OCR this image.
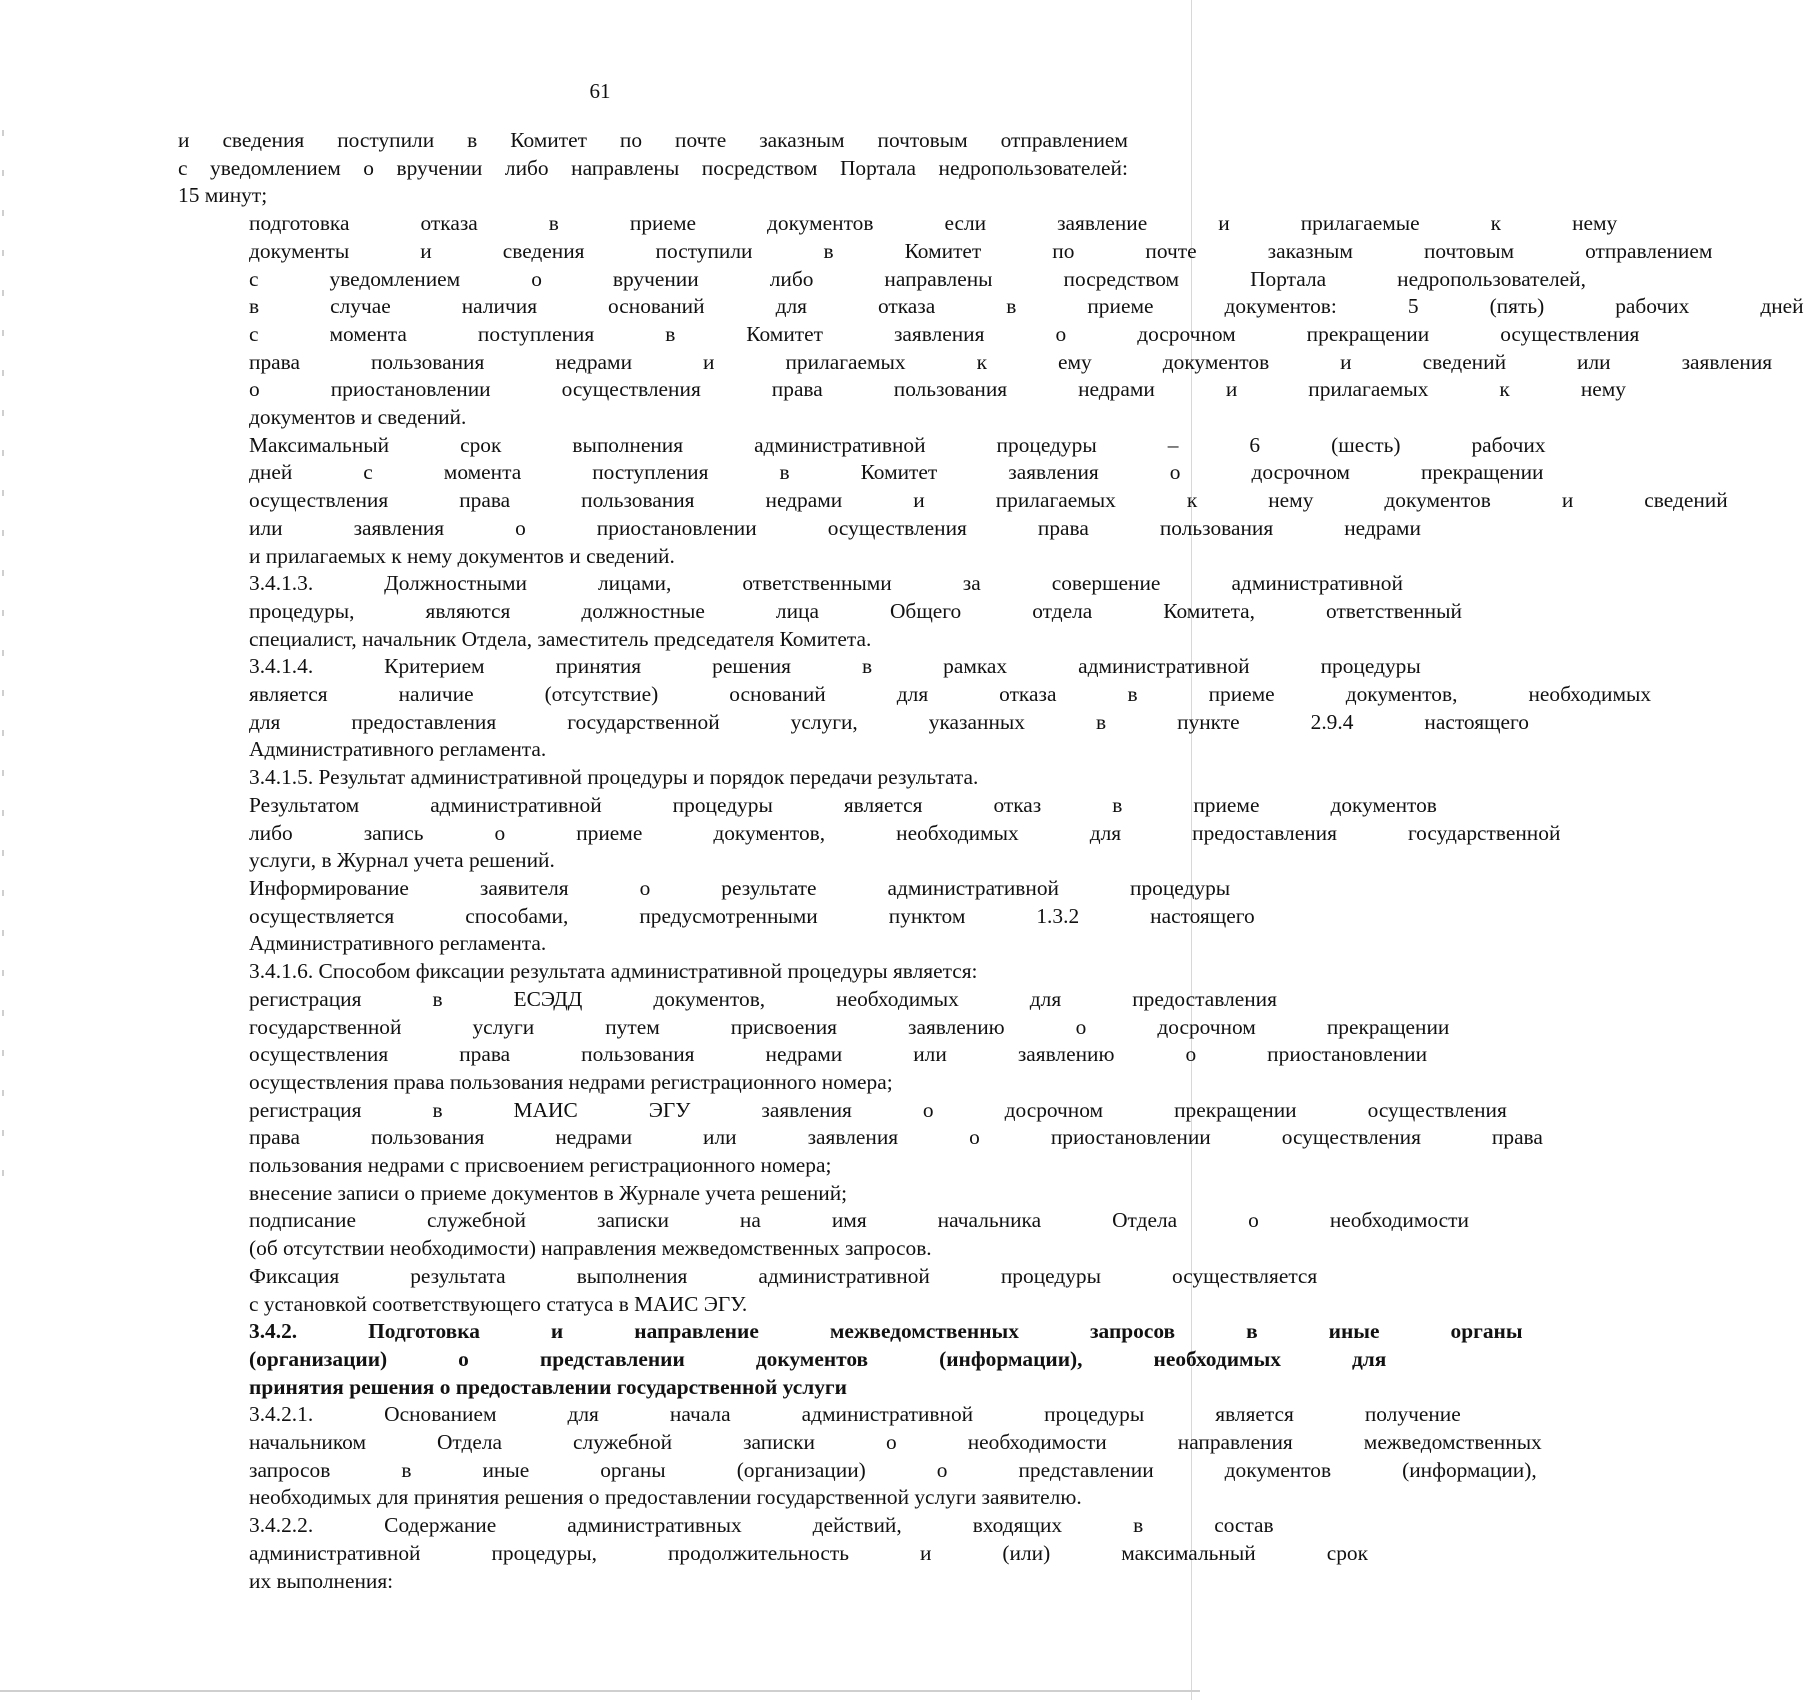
61
и сведения поступили в Комитет по почте заказным почтовым отправлением
с уведомлением о вручении либо направлены посредством Портала недропользователей:
15 минут;
подготовка	отказа	в	приеме	документов	если	заявление	и	прилагаемые	к	нему
документы	и	сведения	поступили	в	Комитет	по	почте	заказным	почтовым	отправлением
с	уведомлением	о	вручении	либо	направлены	посредством	Портала	недропользователей,
в	случае	наличия	оснований	для	отказа	в	приеме	документов:	5	(пять)	рабочих	дней
с	момента	поступления	в	Комитет	заявления	о	досрочном	прекращении	осуществления
права	пользования	недрами	и	прилагаемых	к	ему	документов	и	сведений	или	заявления
о	приостановлении	осуществления	права	пользования	недрами	и	прилагаемых	к	нему
документов и сведений.
Максимальный	срок	выполнения	административной	процедуры	–	6	(шесть)	рабочих
дней	с	момента	поступления	в	Комитет	заявления	о	досрочном	прекращении
осуществления	права	пользования	недрами	и	прилагаемых	к	нему	документов	и	сведений
или	заявления	о	приостановлении	осуществления	права	пользования	недрами
и прилагаемых к нему документов и сведений.
3.4.1.3.	Должностными	лицами,	ответственными	за	совершение	административной
процедуры,	являются	должностные	лица	Общего	отдела	Комитета,	ответственный
специалист, начальник Отдела, заместитель председателя Комитета.
3.4.1.4.	Критерием	принятия	решения	в	рамках	административной	процедуры
является	наличие	(отсутствие)	оснований	для	отказа	в	приеме	документов,	необходимых
для	предоставления	государственной	услуги,	указанных	в	пункте	2.9.4	настоящего
Административного регламента.
3.4.1.5. Результат административной процедуры и порядок передачи результата.
Результатом	административной	процедуры	является	отказ	в	приеме	документов
либо	запись	о	приеме	документов,	необходимых	для	предоставления	государственной
услуги, в Журнал учета решений.
Информирование	заявителя	о	результате	административной	процедуры
осуществляется	способами,	предусмотренными	пунктом	1.3.2	настоящего
Административного регламента.
3.4.1.6. Способом фиксации результата административной процедуры является:
регистрация	в	ЕСЭДД	документов,	необходимых	для	предоставления
государственной	услуги	путем	присвоения	заявлению	о	досрочном	прекращении
осуществления	права	пользования	недрами	или	заявлению	о	приостановлении
осуществления права пользования недрами регистрационного номера;
регистрация	в	МАИС	ЭГУ	заявления	о	досрочном	прекращении	осуществления
права	пользования	недрами	или	заявления	о	приостановлении	осуществления	права
пользования недрами с присвоением регистрационного номера;
внесение записи о приеме документов в Журнале учета решений;
подписание	служебной	записки	на	имя	начальника	Отдела	о	необходимости
(об отсутствии необходимости) направления межведомственных запросов.
Фиксация	результата	выполнения	административной	процедуры	осуществляется
с установкой соответствующего статуса в МАИС ЭГУ.
3.4.2.	Подготовка	и	направление	межведомственных	запросов	в	иные	органы
(организации)	о	представлении	документов	(информации),	необходимых	для
принятия решения о предоставлении государственной услуги
3.4.2.1.	Основанием	для	начала	административной	процедуры	является	получение
начальником	Отдела	служебной	записки	о	необходимости	направления	межведомственных
запросов	в	иные	органы	(организации)	о	представлении	документов	(информации),
необходимых для принятия решения о предоставлении государственной услуги заявителю.
3.4.2.2.	Содержание	административных	действий,	входящих	в	состав
административной	процедуры,	продолжительность	и	(или)	максимальный	срок
их выполнения:
